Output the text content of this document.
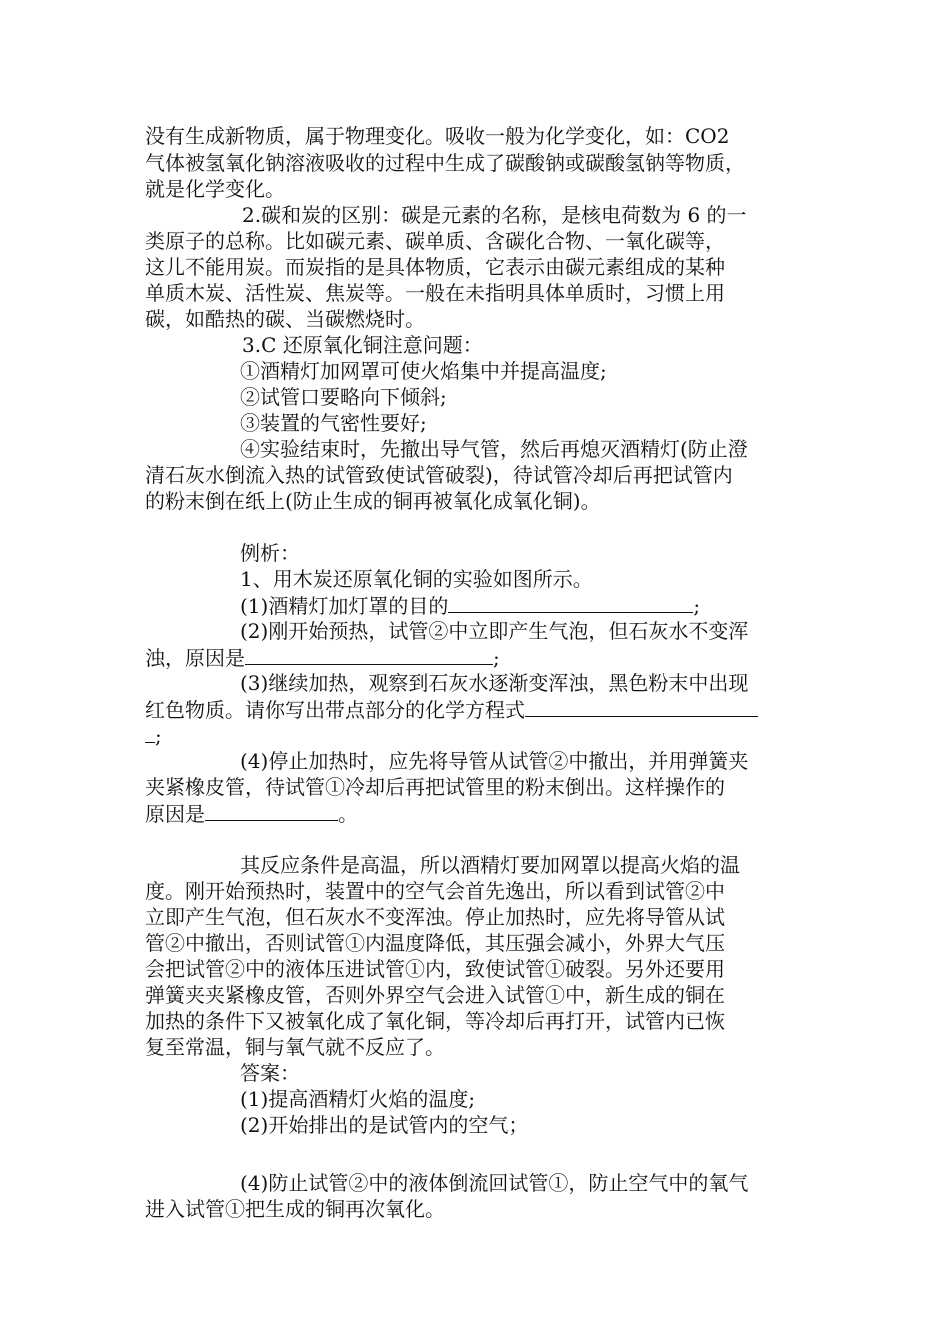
没有生成新物质，属于物理变化。吸收一般为化学变化，如：CO2
气体被氢氧化钠溶液吸收的过程中生成了碳酸钠或碳酸氢钠等物质，
就是化学变化。
2.碳和炭的区别：碳是元素的名称，是核电荷数为 6 的一
类原子的总称。比如碳元素、碳单质、含碳化合物、一氧化碳等，
这儿不能用炭。而炭指的是具体物质，它表示由碳元素组成的某种
单质木炭、活性炭、焦炭等。一般在未指明具体单质时，习惯上用
碳，如酷热的碳、当碳燃烧时。
3.C 还原氧化铜注意问题：
①酒精灯加网罩可使火焰集中并提高温度;
②试管口要略向下倾斜;
③装置的气密性要好;
④实验结束时，先撤出导气管，然后再熄灭酒精灯(防止澄
清石灰水倒流入热的试管致使试管破裂)，待试管冷却后再把试管内
的粉末倒在纸上(防止生成的铜再被氧化成氧化铜)。
例析：
1、用木炭还原氧化铜的实验如图所示。
(1)酒精灯加灯罩的目的	;
(2)刚开始预热，试管②中立即产生气泡，但石灰水不变浑
浊，原因是	;
(3)继续加热，观察到石灰水逐渐变浑浊，黑色粉末中出现
红色物质。请你写出带点部分的化学方程式
;
(4)停止加热时，应先将导管从试管②中撤出，并用弹簧夹
夹紧橡皮管，待试管①冷却后再把试管里的粉末倒出。这样操作的
原因是	。
其反应条件是高温，所以酒精灯要加网罩以提高火焰的温
度。刚开始预热时，装置中的空气会首先逸出，所以看到试管②中
立即产生气泡，但石灰水不变浑浊。停止加热时，应先将导管从试
管②中撤出，否则试管①内温度降低，其压强会减小，外界大气压
会把试管②中的液体压进试管①内，致使试管①破裂。另外还要用
弹簧夹夹紧橡皮管，否则外界空气会进入试管①中，新生成的铜在
加热的条件下又被氧化成了氧化铜，等冷却后再打开，试管内已恢
复至常温，铜与氧气就不反应了。
答案：
(1)提高酒精灯火焰的温度;
(2)开始排出的是试管内的空气；
(4)防止试管②中的液体倒流回试管①，防止空气中的氧气
进入试管①把生成的铜再次氧化。
